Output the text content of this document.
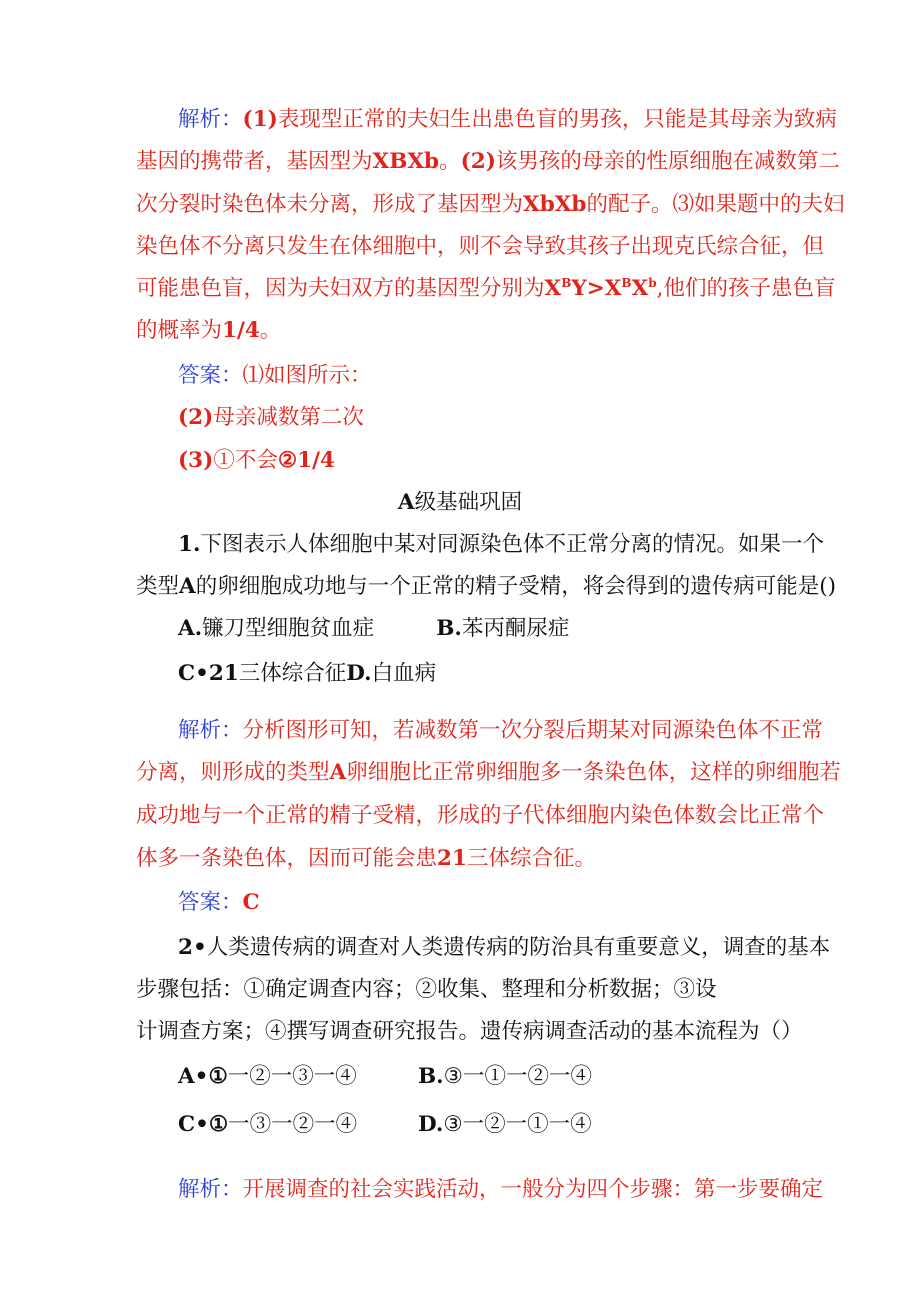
解析：(1)表现型正常的夫妇生出患色盲的男孩，只能是其母亲为致病
基因的携带者，基因型为XBXb。(2)该男孩的母亲的性原细胞在减数第二
次分裂时染色体未分离，形成了基因型为XbXb的配子。⑶如果题中的夫妇
染色体不分离只发生在体细胞中，则不会导致其孩子出现克氏综合征，但
可能患色盲，因为夫妇双方的基因型分别为$X^BY>X^BX^b$,他们的孩子患色盲
的概率为1/4。
答案：⑴如图所示：
(2)母亲减数第二次
(3)①不会②1/4
A级基础巩固
1.下图表示人体细胞中某对同源染色体不正常分离的情况。如果一个
类型A的卵细胞成功地与一个正常的精子受精，将会得到的遗传病可能是()
A.镰刀型细胞贫血症	B.苯丙酮尿症
C•21三体综合征D.白血病
解析：分析图形可知，若减数第一次分裂后期某对同源染色体不正常
分离，则形成的类型A卵细胞比正常卵细胞多一条染色体，这样的卵细胞若
成功地与一个正常的精子受精，形成的子代体细胞内染色体数会比正常个
体多一条染色体，因而可能会患21三体综合征。
答案：C
2•人类遗传病的调查对人类遗传病的防治具有重要意义，调查的基本
步骤包括：①确定调查内容；②收集、整理和分析数据；③设
计调查方案；④撰写调查研究报告。遗传病调查活动的基本流程为（）
A•①一②一③一④	B.③一①一②一④
C•①一③一②一④	D.③一②一①一④
解析：开展调查的社会实践活动，一般分为四个步骤：第一步要确定
